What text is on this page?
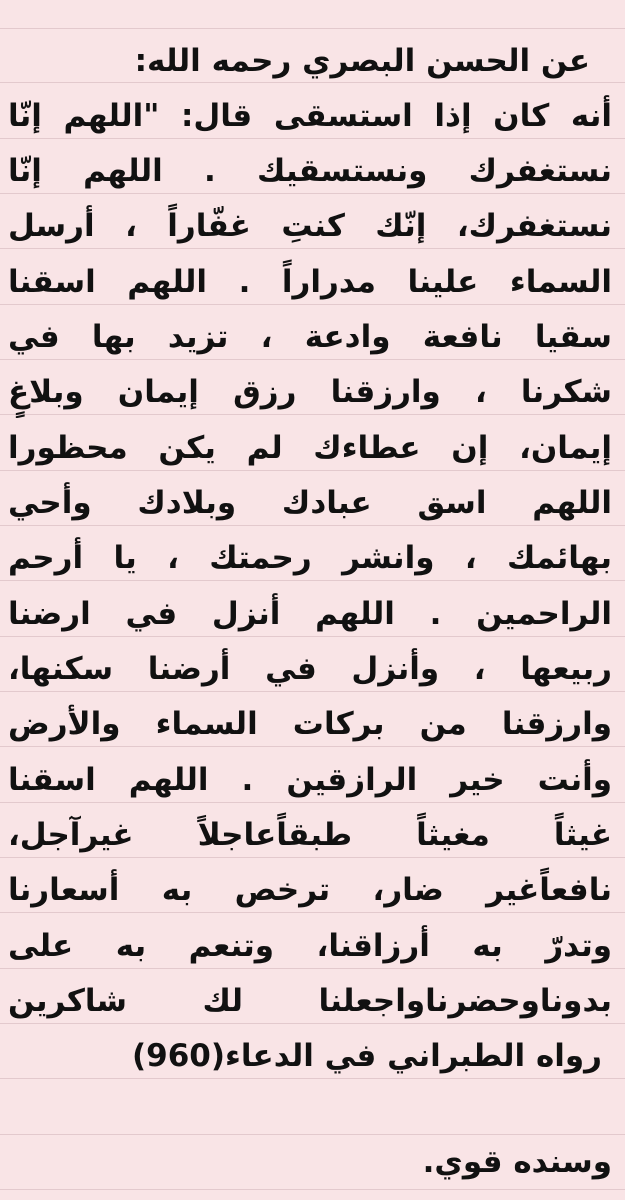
عن الحسن البصري رحمه الله:
أنه كان إذا استسقى قال: "اللهم إنّا
نستغفرك ونستسقيك . اللهم إنّا
نستغفرك، إنّك كنتِ غفّاراً ، أرسل
السماء علينا مدراراً . اللهم اسقنا
سقيا نافعة وادعة ، تزيد بها في
شكرنا ، وارزقنا رزق إيمان وبلاغٍ
إيمان، إن عطاءك لم يكن محظورا
اللهم اسق عبادك وبلادك وأحي
بهائمك ، وانشر رحمتك ، يا أرحم
الراحمين . اللهم أنزل في ارضنا
ربيعها ، وأنزل في أرضنا سكنها،
وارزقنا من بركات السماء والأرض
وأنت خير الرازقين . اللهم اسقنا
غيثاً مغيثاً طبقاًعاجلاً غيرآجل،
نافعاًغير ضار، ترخص به أسعارنا
وتدرّ به أرزاقنا، وتنعم به على
بدوناوحضرناواجعلنا لك شاكرين
رواه الطبراني في الدعاء(960)
وسنده قوي.
